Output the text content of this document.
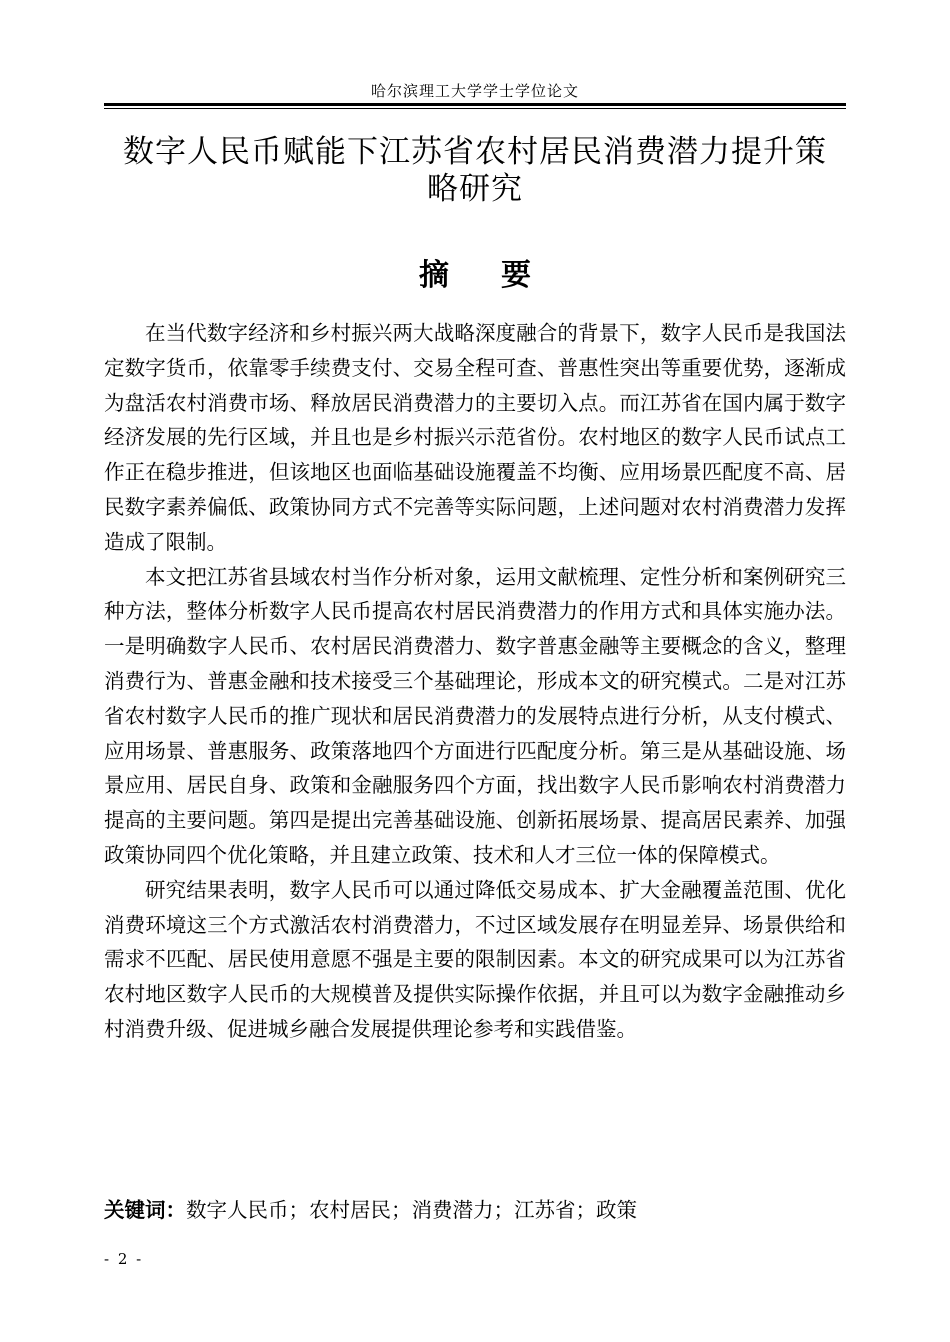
哈尔滨理工大学学士学位论文
数字人民币赋能下江苏省农村居民消费潜力提升策
略研究
摘要

在当代数字经济和乡村振兴两大战略深度融合的背景下，数字人民币是我国法定数字货币，依靠零手续费支付、交易全程可查、普惠性突出等重要优势，逐渐成为盘活农村消费市场、释放居民消费潜力的主要切入点。而江苏省在国内属于数字经济发展的先行区域，并且也是乡村振兴示范省份。农村地区的数字人民币试点工作正在稳步推进，但该地区也面临基础设施覆盖不均衡、应用场景匹配度不高、居民数字素养偏低、政策协同方式不完善等实际问题，上述问题对农村消费潜力发挥造成了限制。

本文把江苏省县域农村当作分析对象，运用文献梳理、定性分析和案例研究三种方法，整体分析数字人民币提高农村居民消费潜力的作用方式和具体实施办法。一是明确数字人民币、农村居民消费潜力、数字普惠金融等主要概念的含义，整理消费行为、普惠金融和技术接受三个基础理论，形成本文的研究模式。二是对江苏省农村数字人民币的推广现状和居民消费潜力的发展特点进行分析，从支付模式、应用场景、普惠服务、政策落地四个方面进行匹配度分析。第三是从基础设施、场景应用、居民自身、政策和金融服务四个方面，找出数字人民币影响农村消费潜力提高的主要问题。第四是提出完善基础设施、创新拓展场景、提高居民素养、加强政策协同四个优化策略，并且建立政策、技术和人才三位一体的保障模式。

研究结果表明，数字人民币可以通过降低交易成本、扩大金融覆盖范围、优化消费环境这三个方式激活农村消费潜力，不过区域发展存在明显差异、场景供给和需求不匹配、居民使用意愿不强是主要的限制因素。本文的研究成果可以为江苏省农村地区数字人民币的大规模普及提供实际操作依据，并且可以为数字金融推动乡村消费升级、促进城乡融合发展提供理论参考和实践借鉴。

关键词：数字人民币；农村居民；消费潜力；江苏省；政策
- 2 -
